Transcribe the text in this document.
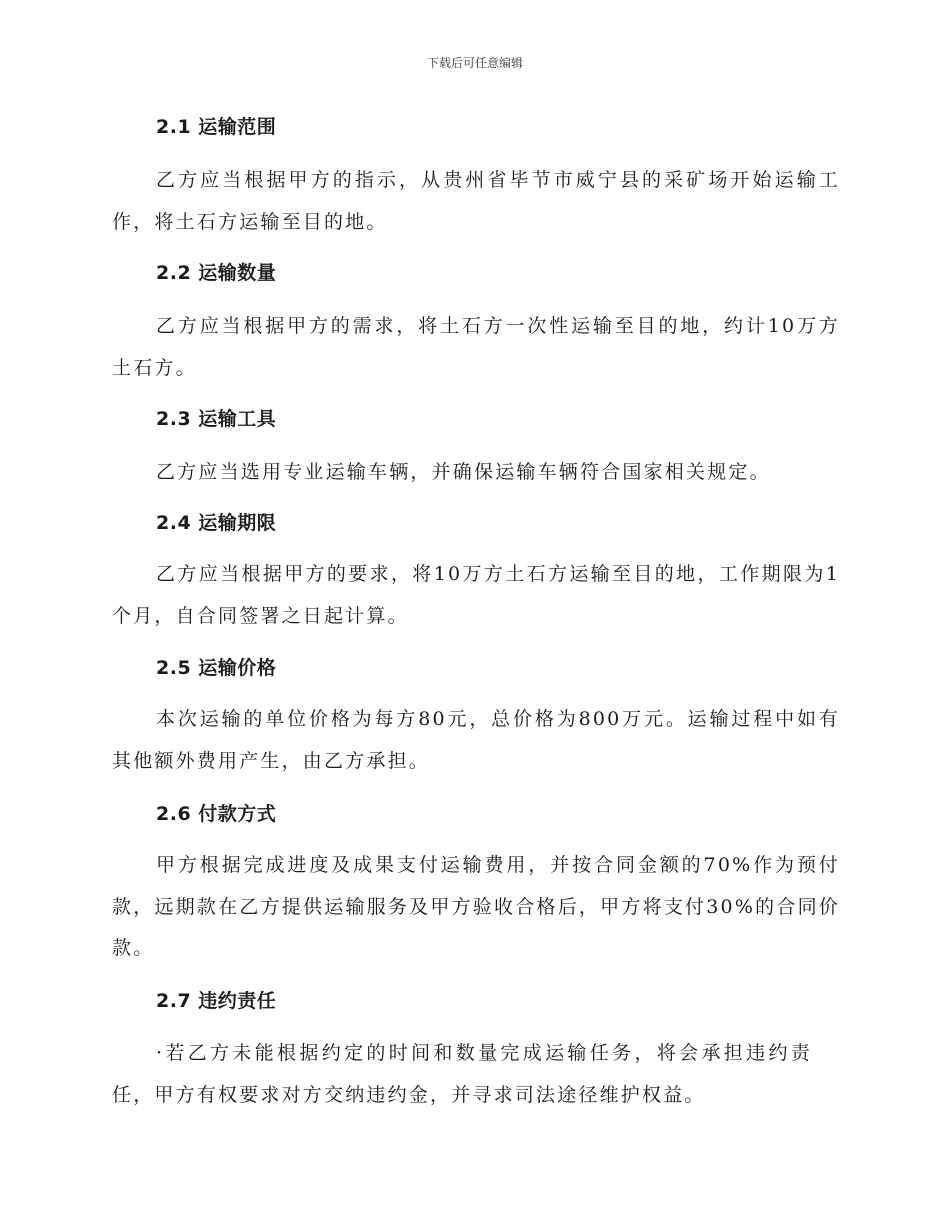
下载后可任意编辑
2.1 运输范围

乙方应当根据甲方的指示，从贵州省毕节市威宁县的采矿场开始运输工作，将土石方运输至目的地。

2.2 运输数量

乙方应当根据甲方的需求，将土石方一次性运输至目的地，约计10万方土石方。

2.3 运输工具

乙方应当选用专业运输车辆，并确保运输车辆符合国家相关规定。

2.4 运输期限

乙方应当根据甲方的要求，将10万方土石方运输至目的地，工作期限为1个月，自合同签署之日起计算。

2.5 运输价格

本次运输的单位价格为每方80元，总价格为800万元。运输过程中如有其他额外费用产生，由乙方承担。

2.6 付款方式

甲方根据完成进度及成果支付运输费用，并按合同金额的70%作为预付款，远期款在乙方提供运输服务及甲方验收合格后，甲方将支付30%的合同价款。

2.7 违约责任

·若乙方未能根据约定的时间和数量完成运输任务，将会承担违约责任，甲方有权要求对方交纳违约金，并寻求司法途径维护权益。
